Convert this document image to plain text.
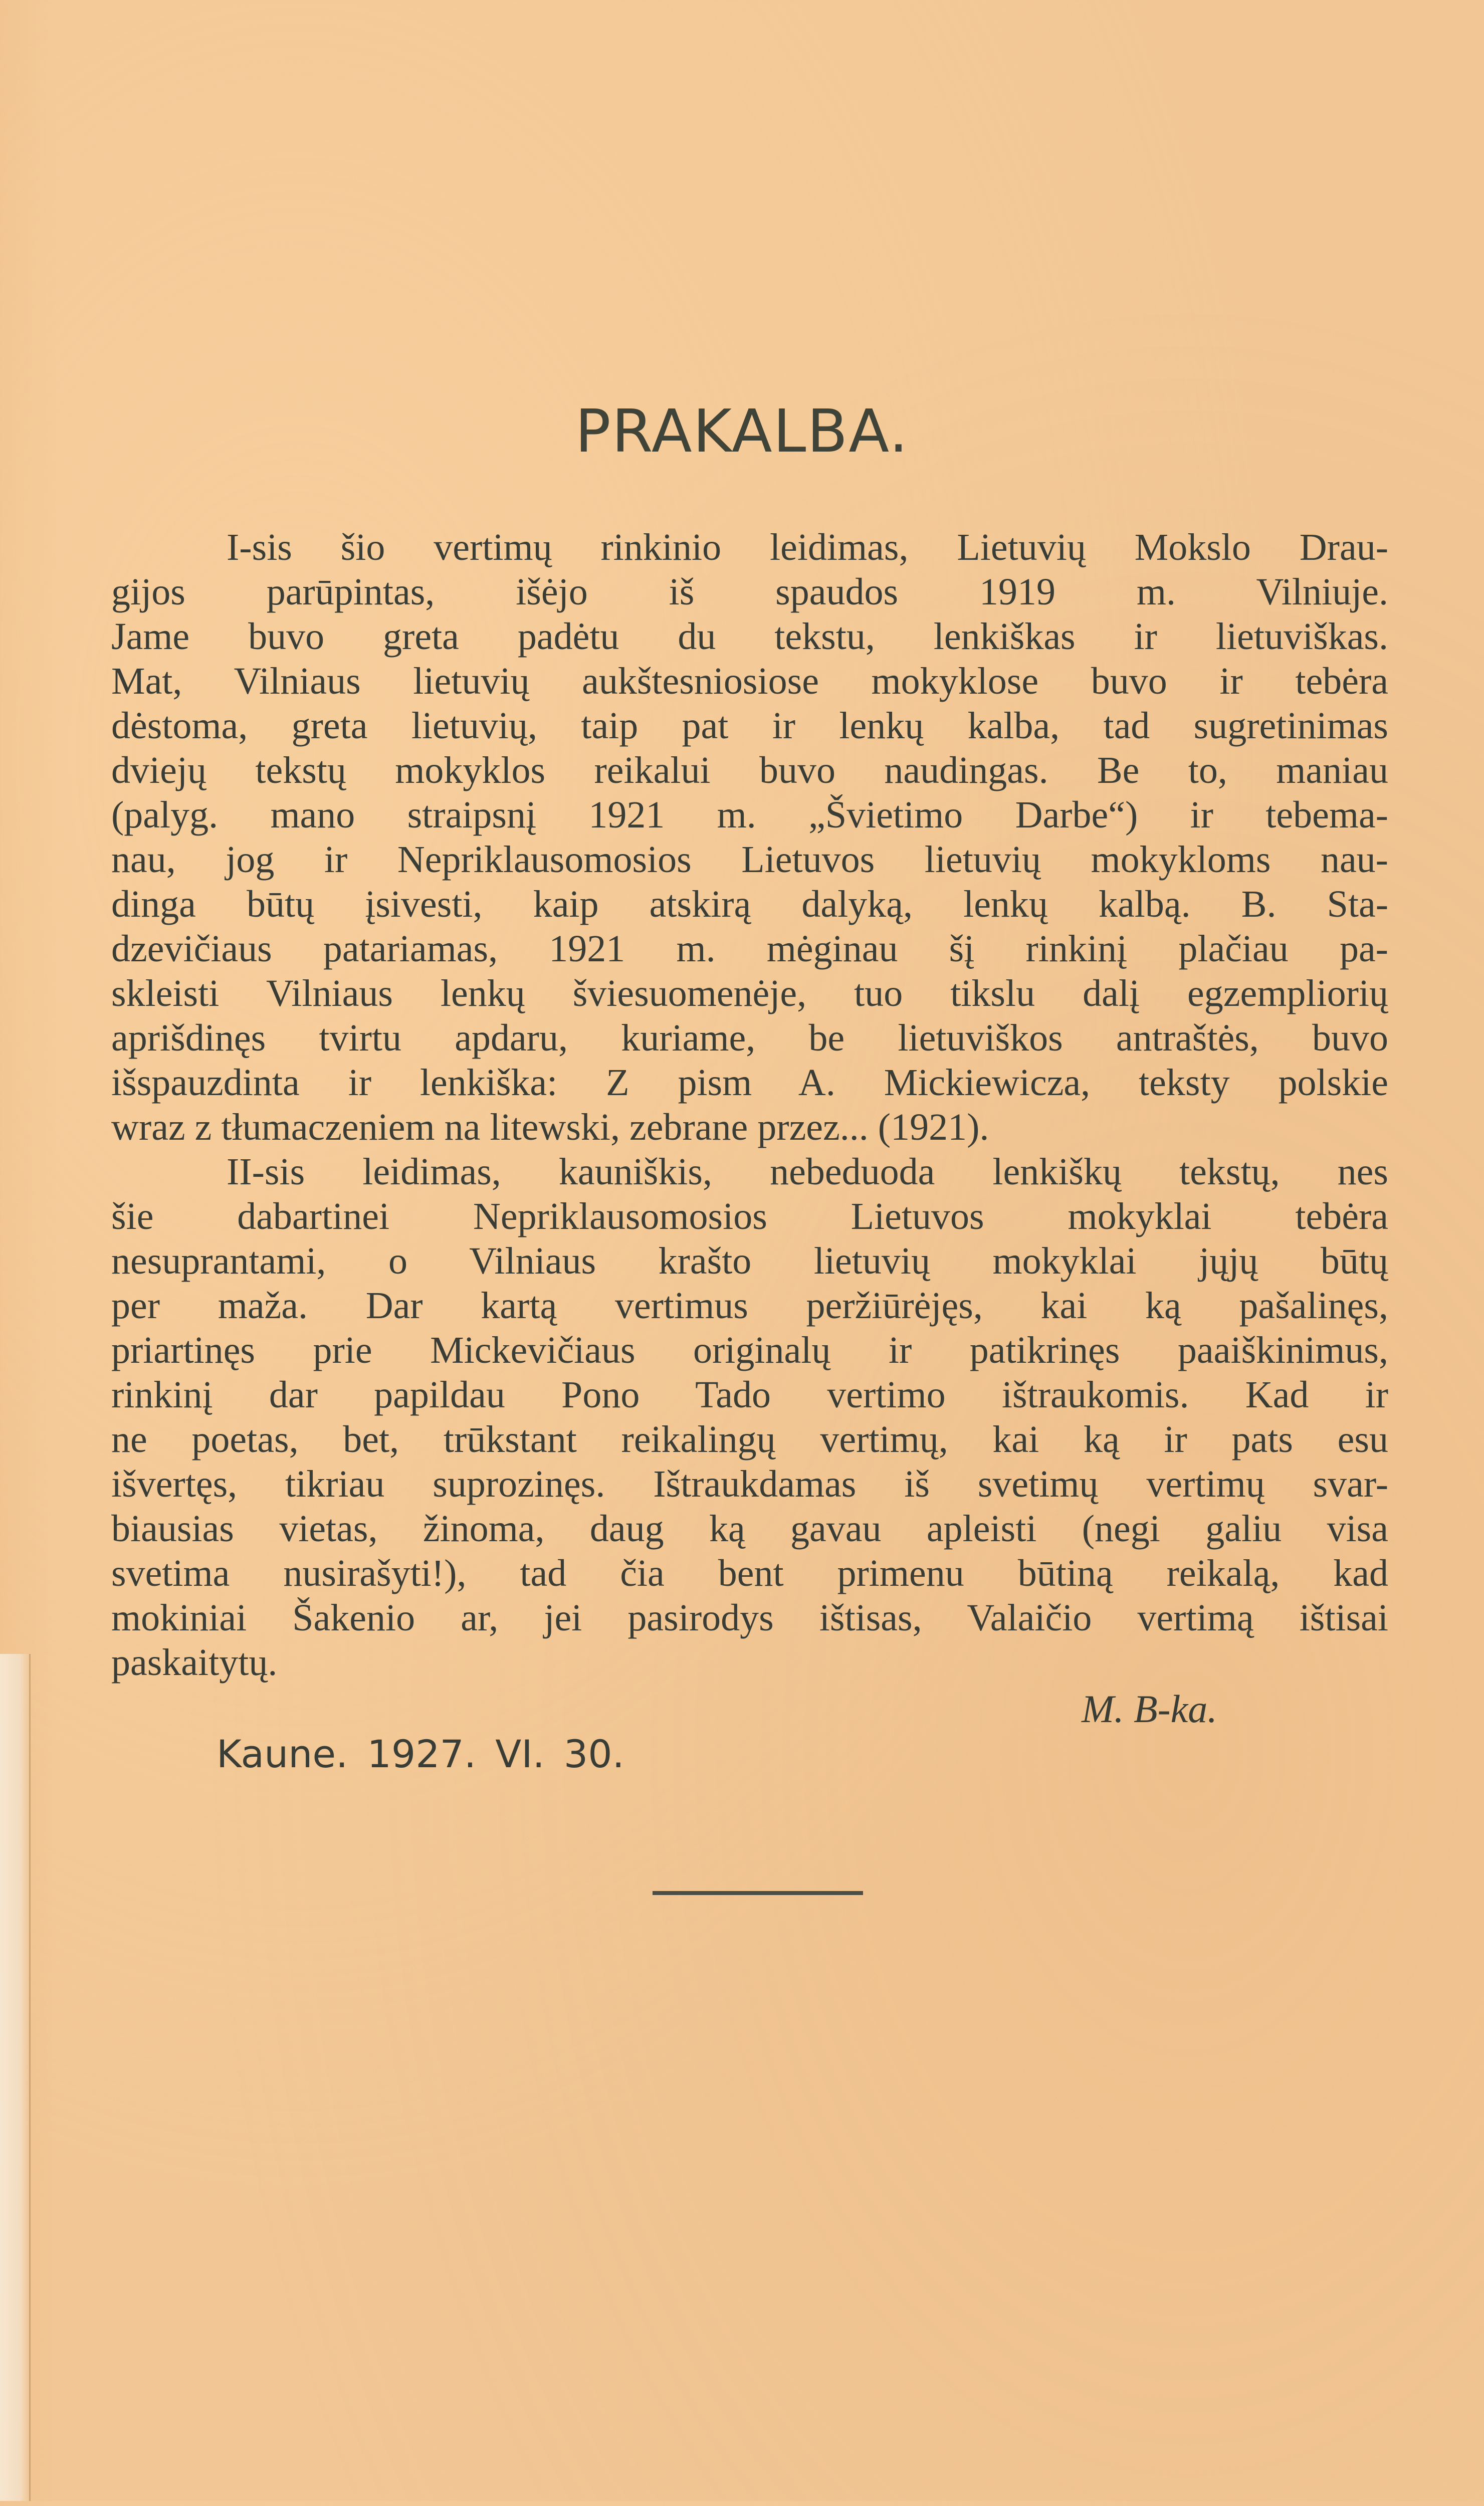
PRAKALBA.
I-sis šio vertimų rinkinio leidimas, Lietuvių Mokslo Drau-
gijos parūpintas, išėjo iš spaudos 1919 m. Vilniuje.
Jame buvo greta padėtu du tekstu, lenkiškas ir lietuviškas.
Mat, Vilniaus lietuvių aukštesniosiose mokyklose buvo ir tebėra
dėstoma, greta lietuvių, taip pat ir lenkų kalba, tad sugretinimas
dviejų tekstų mokyklos reikalui buvo naudingas. Be to, maniau
(palyg. mano straipsnį 1921 m. „Švietimo Darbe“) ir tebema-
nau, jog ir Nepriklausomosios Lietuvos lietuvių mokykloms nau-
dinga būtų įsivesti, kaip atskirą dalyką, lenkų kalbą. B. Sta-
dzevičiaus patariamas, 1921 m. mėginau šį rinkinį plačiau pa-
skleisti Vilniaus lenkų šviesuomenėje, tuo tikslu dalį egzempliorių
aprišdinęs tvirtu apdaru, kuriame, be lietuviškos antraštės, buvo
išspauzdinta ir lenkiška: Z pism A. Mickiewicza, teksty polskie
wraz z tłumaczeniem na litewski, zebrane przez... (1921).
II-sis leidimas, kauniškis, nebeduoda lenkiškų tekstų, nes
šie dabartinei Nepriklausomosios Lietuvos mokyklai tebėra
nesuprantami, o Vilniaus krašto lietuvių mokyklai jųjų būtų
per maža. Dar kartą vertimus peržiūrėjęs, kai ką pašalinęs,
priartinęs prie Mickevičiaus originalų ir patikrinęs paaiškinimus,
rinkinį dar papildau Pono Tado vertimo ištraukomis. Kad ir
ne poetas, bet, trūkstant reikalingų vertimų, kai ką ir pats esu
išvertęs, tikriau suprozinęs. Ištraukdamas iš svetimų vertimų svar-
biausias vietas, žinoma, daug ką gavau apleisti (negi galiu visa
svetima nusirašyti!), tad čia bent primenu būtiną reikalą, kad
mokiniai Šakenio ar, jei pasirodys ištisas, Valaičio vertimą ištisai
paskaitytų.
M. B-ka.
Kaune. 1927. VI. 30.
